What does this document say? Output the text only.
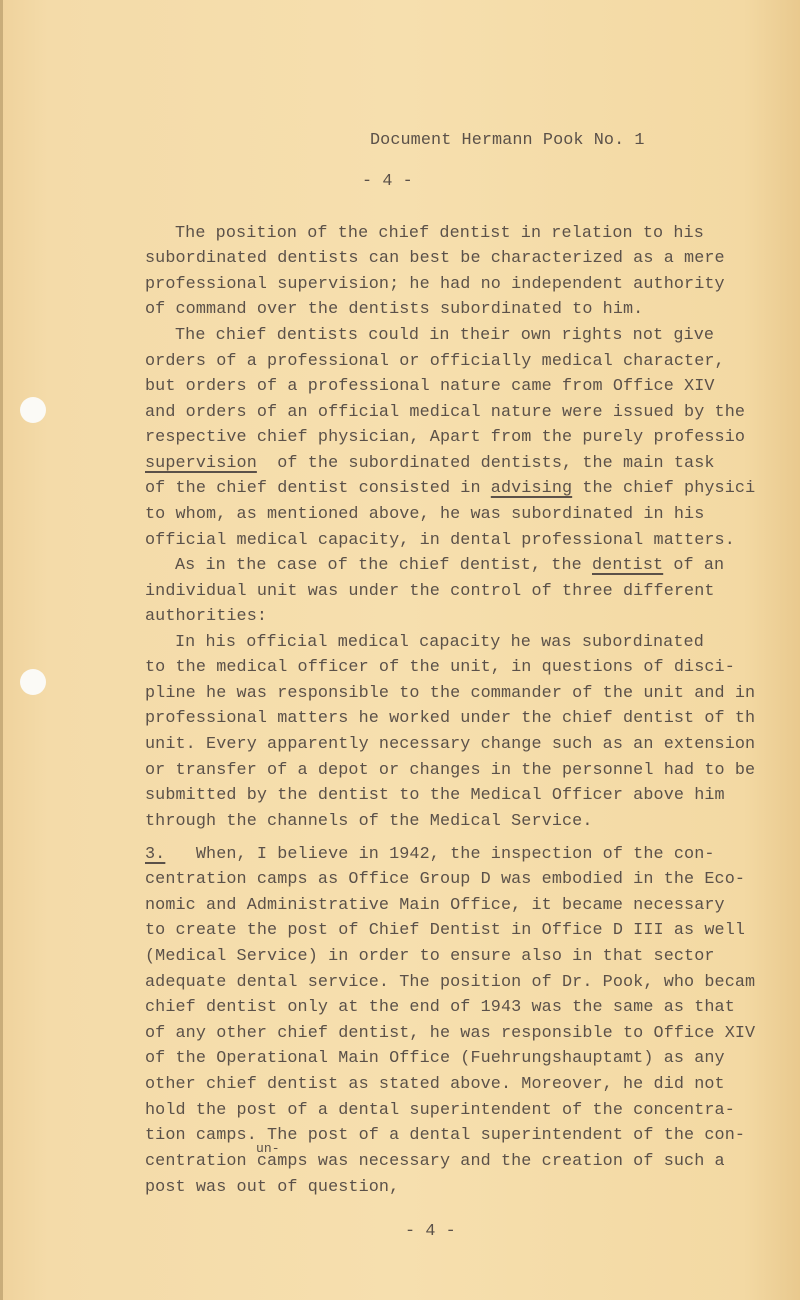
Document Hermann Pook No. 1
- 4 -
un-
- 4 -
The position of the chief dentist in relation to his
subordinated dentists can best be characterized as a mere
professional supervision; he had no independent authority
of command over the dentists subordinated to him.
The chief dentists could in their own rights not give
orders of a professional or officially medical character,
but orders of a professional nature came from Office XIV
and orders of an official medical nature were issued by the
respective chief physician, Apart from the purely professio
supervision  of the subordinated dentists, the main task
of the chief dentist consisted in advising the chief physici
to whom, as mentioned above, he was subordinated in his
official medical capacity, in dental professional matters.
As in the case of the chief dentist, the dentist of an
individual unit was under the control of three different
authorities:
In his official medical capacity he was subordinated
to the medical officer of the unit, in questions of disci-
pline he was responsible to the commander of the unit and in
professional matters he worked under the chief dentist of th
unit. Every apparently necessary change such as an extension
or transfer of a depot or changes in the personnel had to be
submitted by the dentist to the Medical Officer above him
through the channels of the Medical Service.
3.   When, I believe in 1942, the inspection of the con-
centration camps as Office Group D was embodied in the Eco-
nomic and Administrative Main Office, it became necessary
to create the post of Chief Dentist in Office D III as well
(Medical Service) in order to ensure also in that sector
adequate dental service. The position of Dr. Pook, who becam
chief dentist only at the end of 1943 was the same as that
of any other chief dentist, he was responsible to Office XIV
of the Operational Main Office (Fuehrungshauptamt) as any
other chief dentist as stated above. Moreover, he did not
hold the post of a dental superintendent of the concentra-
tion camps. The post of a dental superintendent of the con-
centration camps was necessary and the creation of such a
post was out of question,
